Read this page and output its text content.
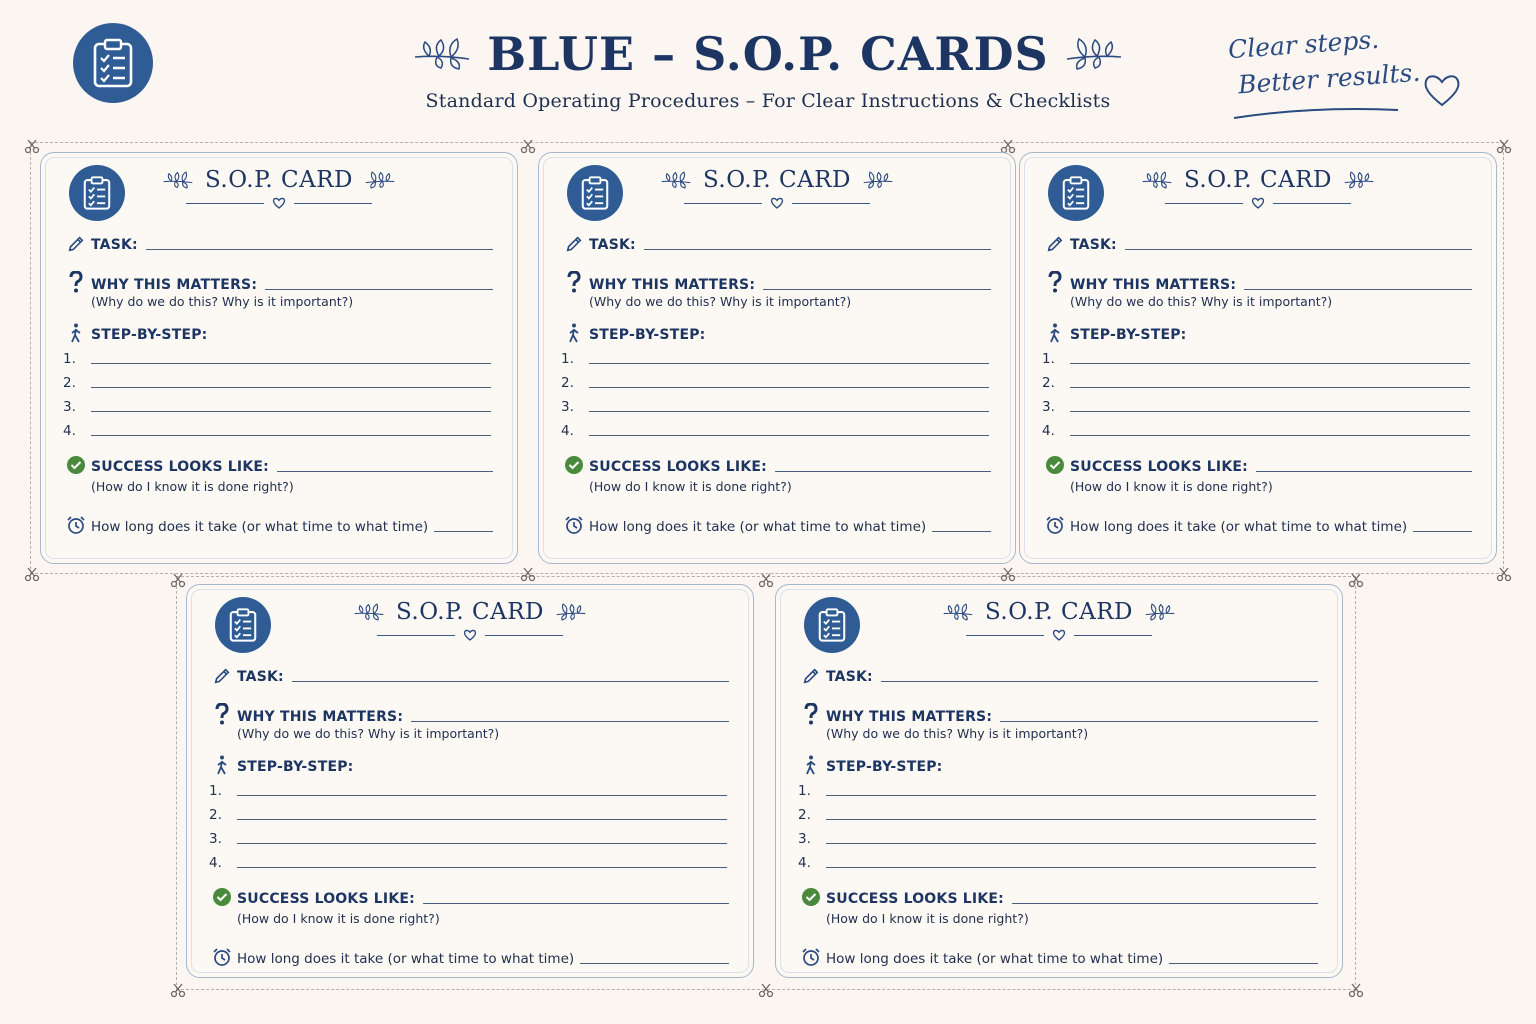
BLUE – S.O.P. CARDS
Standard Operating Procedures – For Clear Instructions & Checklists
Clear steps.
Better results.
S.O.P. CARD
TASK:
WHY THIS MATTERS:
(Why do we do this? Why is it important?)
STEP-BY-STEP:
1.
2.
3.
4.
SUCCESS LOOKS LIKE:
(How do I know it is done right?)
How long does it take (or what time to what time)
S.O.P. CARD
TASK:
WHY THIS MATTERS:
(Why do we do this? Why is it important?)
STEP-BY-STEP:
1.
2.
3.
4.
SUCCESS LOOKS LIKE:
(How do I know it is done right?)
How long does it take (or what time to what time)
S.O.P. CARD
TASK:
WHY THIS MATTERS:
(Why do we do this? Why is it important?)
STEP-BY-STEP:
1.
2.
3.
4.
SUCCESS LOOKS LIKE:
(How do I know it is done right?)
How long does it take (or what time to what time)
S.O.P. CARD
TASK:
WHY THIS MATTERS:
(Why do we do this? Why is it important?)
STEP-BY-STEP:
1.
2.
3.
4.
SUCCESS LOOKS LIKE:
(How do I know it is done right?)
How long does it take (or what time to what time)
S.O.P. CARD
TASK:
WHY THIS MATTERS:
(Why do we do this? Why is it important?)
STEP-BY-STEP:
1.
2.
3.
4.
SUCCESS LOOKS LIKE:
(How do I know it is done right?)
How long does it take (or what time to what time)
